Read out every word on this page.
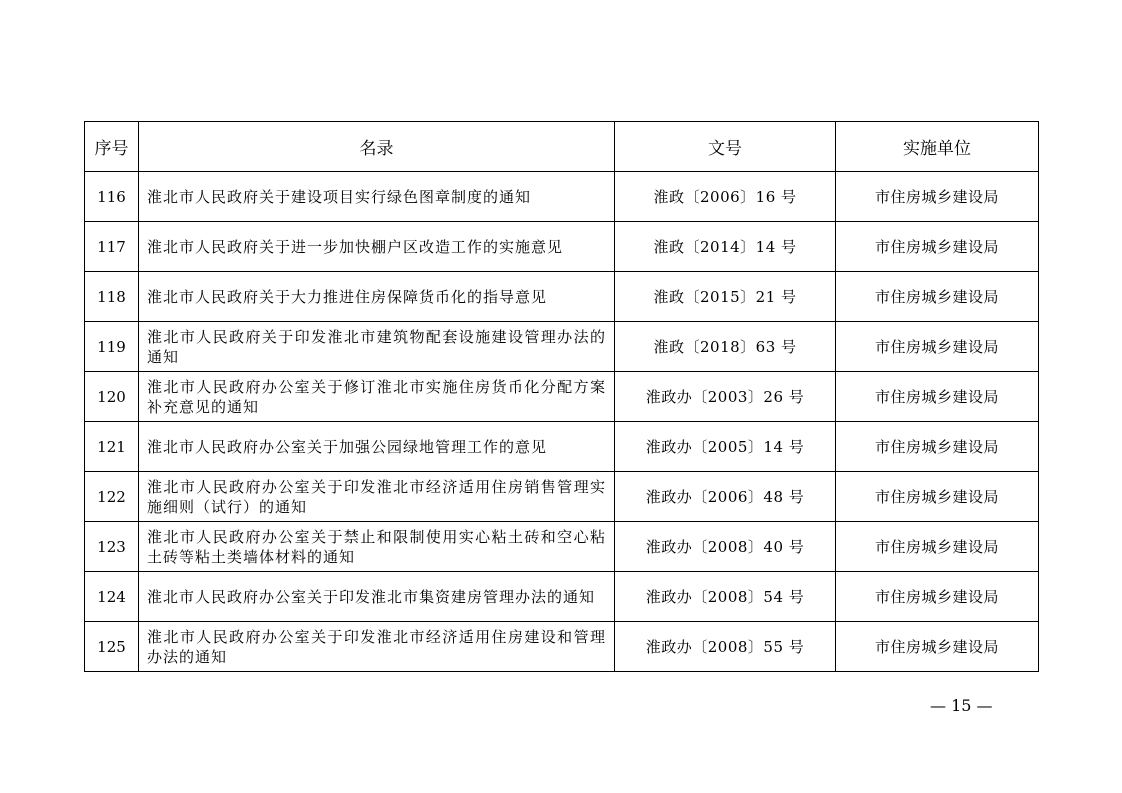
序号	名录	文号	实施单位
116	淮北市人民政府关于建设项目实行绿色图章制度的通知	淮政〔2006〕16 号	市住房城乡建设局
117	淮北市人民政府关于进一步加快棚户区改造工作的实施意见	淮政〔2014〕14 号	市住房城乡建设局
118	淮北市人民政府关于大力推进住房保障货币化的指导意见	淮政〔2015〕21 号	市住房城乡建设局
119	淮北市人民政府关于印发淮北市建筑物配套设施建设管理办法的通知	淮政〔2018〕63 号	市住房城乡建设局
120	淮北市人民政府办公室关于修订淮北市实施住房货币化分配方案补充意见的通知	淮政办〔2003〕26 号	市住房城乡建设局
121	淮北市人民政府办公室关于加强公园绿地管理工作的意见	淮政办〔2005〕14 号	市住房城乡建设局
122	淮北市人民政府办公室关于印发淮北市经济适用住房销售管理实施细则（试行）的通知	淮政办〔2006〕48 号	市住房城乡建设局
123	淮北市人民政府办公室关于禁止和限制使用实心粘土砖和空心粘土砖等粘土类墙体材料的通知	淮政办〔2008〕40 号	市住房城乡建设局
124	淮北市人民政府办公室关于印发淮北市集资建房管理办法的通知	淮政办〔2008〕54 号	市住房城乡建设局
125	淮北市人民政府办公室关于印发淮北市经济适用住房建设和管理办法的通知	淮政办〔2008〕55 号	市住房城乡建设局
— 15 —
